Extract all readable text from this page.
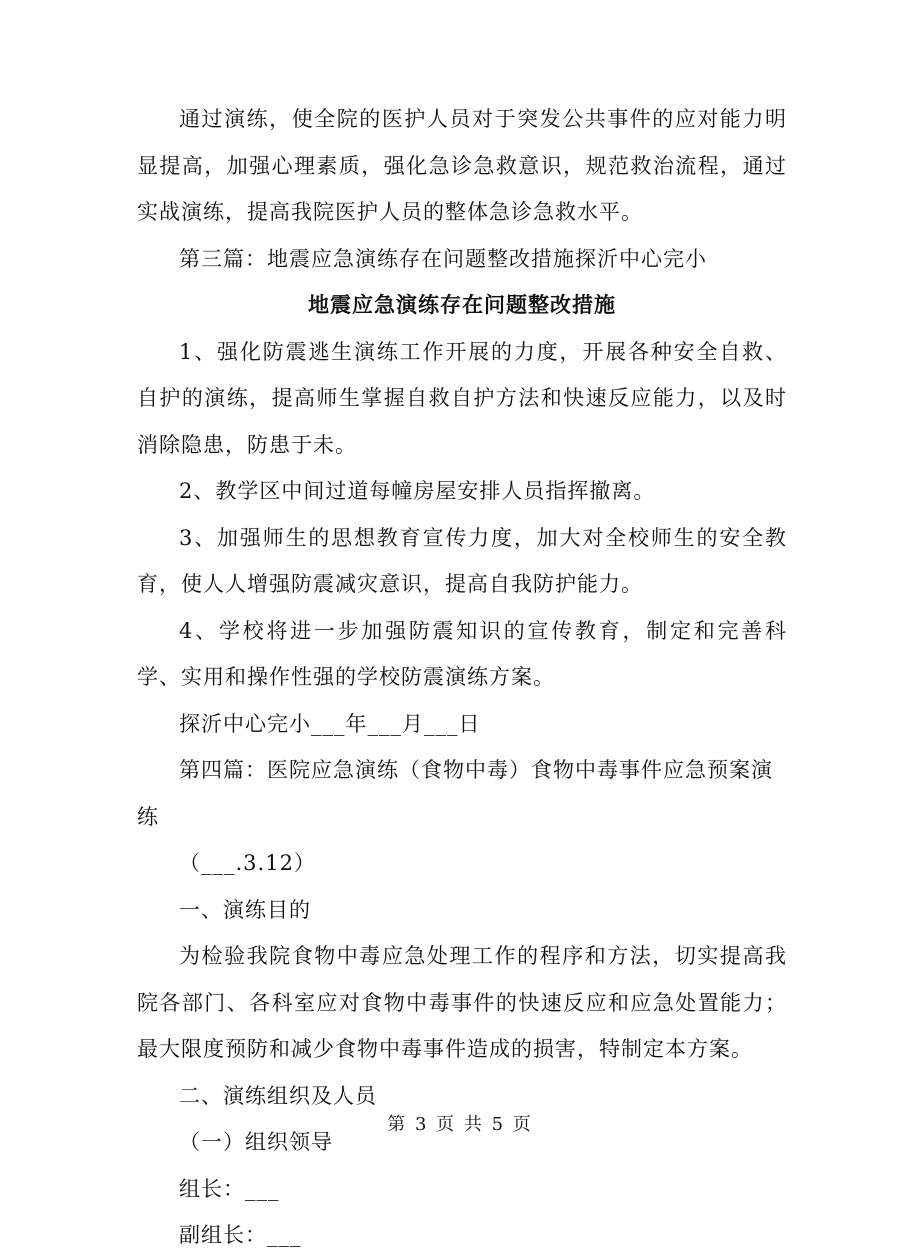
通过演练，使全院的医护人员对于突发公共事件的应对能力明显提高，加强心理素质，强化急诊急救意识，规范救治流程，通过实战演练，提高我院医护人员的整体急诊急救水平。

第三篇：地震应急演练存在问题整改措施探沂中心完小

地震应急演练存在问题整改措施

1、强化防震逃生演练工作开展的力度，开展各种安全自救、自护的演练，提高师生掌握自救自护方法和快速反应能力，以及时消除隐患，防患于未。

2、教学区中间过道每幢房屋安排人员指挥撤离。

3、加强师生的思想教育宣传力度，加大对全校师生的安全教育，使人人增强防震减灾意识，提高自我防护能力。

4、学校将进一步加强防震知识的宣传教育，制定和完善科学、实用和操作性强的学校防震演练方案。

探沂中心完小___年___月___日

第四篇：医院应急演练（食物中毒）食物中毒事件应急预案演练

（___.3.12）

一、演练目的

为检验我院食物中毒应急处理工作的程序和方法，切实提高我院各部门、各科室应对食物中毒事件的快速反应和应急处置能力；最大限度预防和减少食物中毒事件造成的损害，特制定本方案。

二、演练组织及人员

（一）组织领导

组长：___

副组长：___

第 3 页 共 5 页
